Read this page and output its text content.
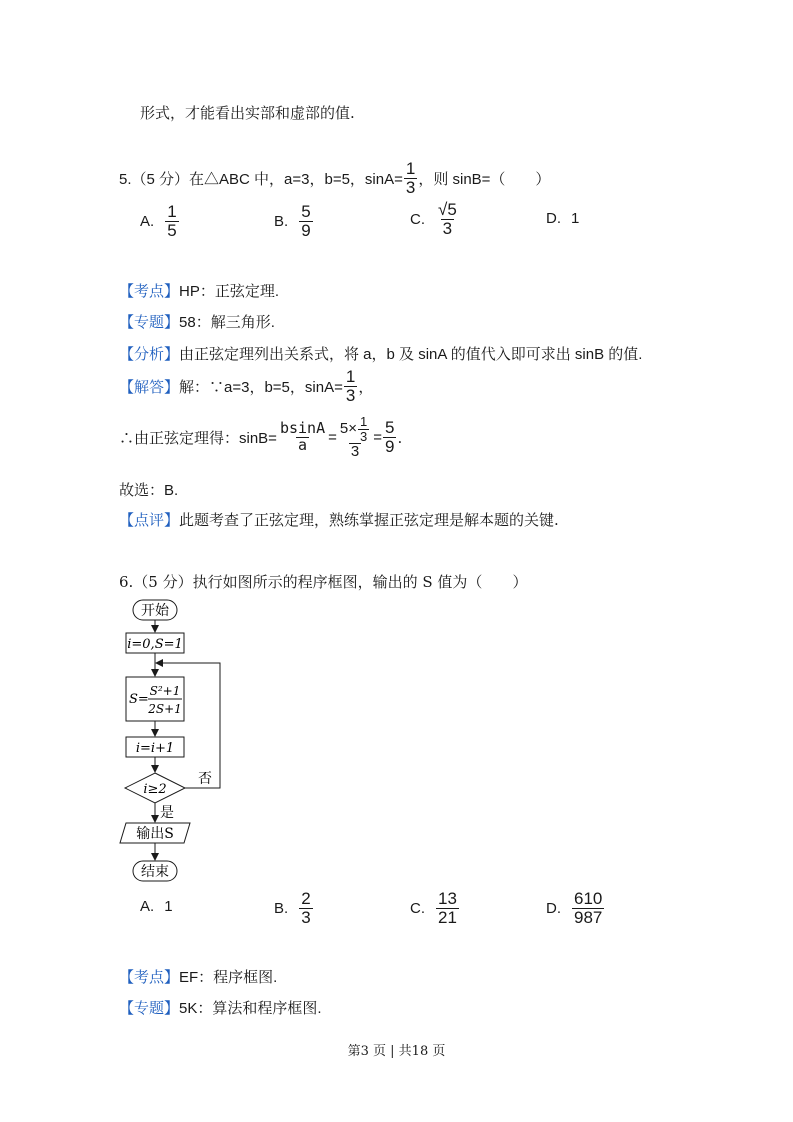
形式，才能看出实部和虚部的值.
5.（5 分）在△ABC 中，a=3，b=5，$\sin A= \frac{1}{3}$ ，则 sinB=（　　）
A. $\frac{1}{5}$	B. $\frac{5}{9}$	C. $\frac{√5}{3}$	D. 1
【考点】HP：正弦定理.
【专题】58：解三角形.
【分析】由正弦定理列出关系式，将 a，b 及 sinA 的值代入即可求出 sinB 的值.
【解答】 解：∵a=3，b=5，$\sin A= \frac{1}{3}$ ，
∴由正弦定理得：$\sin B= \frac{bsinA}{a} = \frac{5\times \frac{1}{3}}{3} = \frac{5}{9}$ .
故选：B.
【点评】此题考查了正弦定理，熟练掌握正弦定理是解本题的关键.
6.（5 分）执行如图所示的程序框图，输出的 S 值为（　　）
开始
i=0,S=1
S=
S²+1
2S+1
i=i+1
i≥2
否
是
输出S
结束
A. 1	B. $\frac{2}{3}$	C. $\frac{13}{21}$	D. $\frac{610}{987}$
【考点】EF：程序框图.
【专题】5K：算法和程序框图.
第3 页 | 共18 页
